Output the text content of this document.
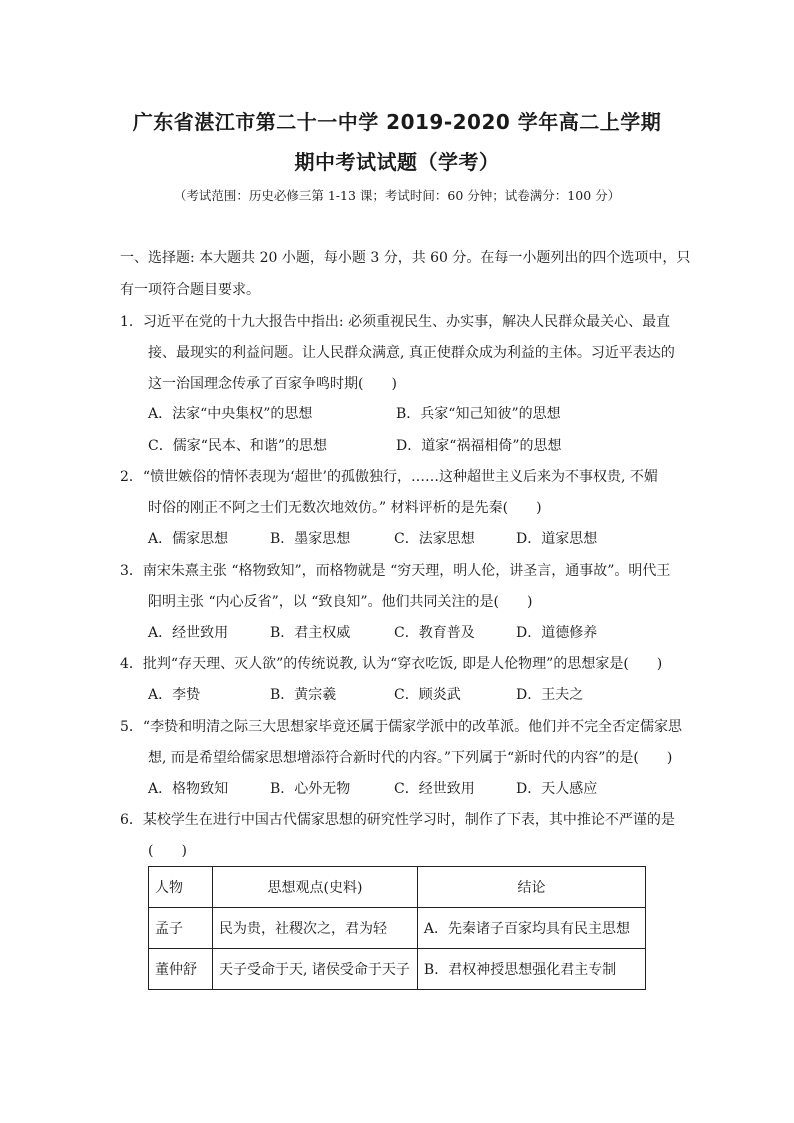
广东省湛江市第二十一中学 2019-2020 学年高二上学期
期中考试试题（学考）
（考试范围：历史必修三第 1-13 课；考试时间：60 分钟；试卷满分：100 分）
一、选择题: 本大题共 20 小题，每小题 3 分，共 60 分。在每一小题列出的四个选项中，只
有一项符合题目要求。
1．习近平在党的十九大报告中指出: 必须重视民生、办实事，解决人民群众最关心、最直
接、最现实的利益问题。让人民群众满意, 真正使群众成为利益的主体。习近平表达的
这一治国理念传承了百家争鸣时期(　　)
A．法家“中央集权”的思想	B．兵家“知己知彼”的思想
C．儒家“民本、和谐”的思想	D．道家“祸福相倚”的思想
2．“愤世嫉俗的情怀表现为‘超世’的孤傲独行，……这种超世主义后来为不事权贵, 不媚
时俗的刚正不阿之士们无数次地效仿。” 材料评析的是先秦(　　)
A．儒家思想	B．墨家思想	C．法家思想	D．道家思想
3．南宋朱熹主张 “格物致知”，而格物就是 “穷天理，明人伦，讲圣言，通事故”。明代王
阳明主张 “内心反省”，以 “致良知”。他们共同关注的是(　　)
A．经世致用	B．君主权威	C．教育普及	D．道德修养
4．批判“存天理、灭人欲”的传统说教, 认为“穿衣吃饭, 即是人伦物理”的思想家是(　　)
A．李贽	B．黄宗羲	C．顾炎武	D．王夫之
5．“李贽和明清之际三大思想家毕竟还属于儒家学派中的改革派。他们并不完全否定儒家思
想, 而是希望给儒家思想增添符合新时代的内容。”下列属于“新时代的内容”的是(　　)
A．格物致知	B．心外无物	C．经世致用	D．天人感应
6．某校学生在进行中国古代儒家思想的研究性学习时，制作了下表，其中推论不严谨的是
(　　)
人物	思想观点(史料)	结论
孟子	民为贵，社稷次之，君为轻	A．先秦诸子百家均具有民主思想
董仲舒	天子受命于天, 诸侯受命于天子	B．君权神授思想强化君主专制
